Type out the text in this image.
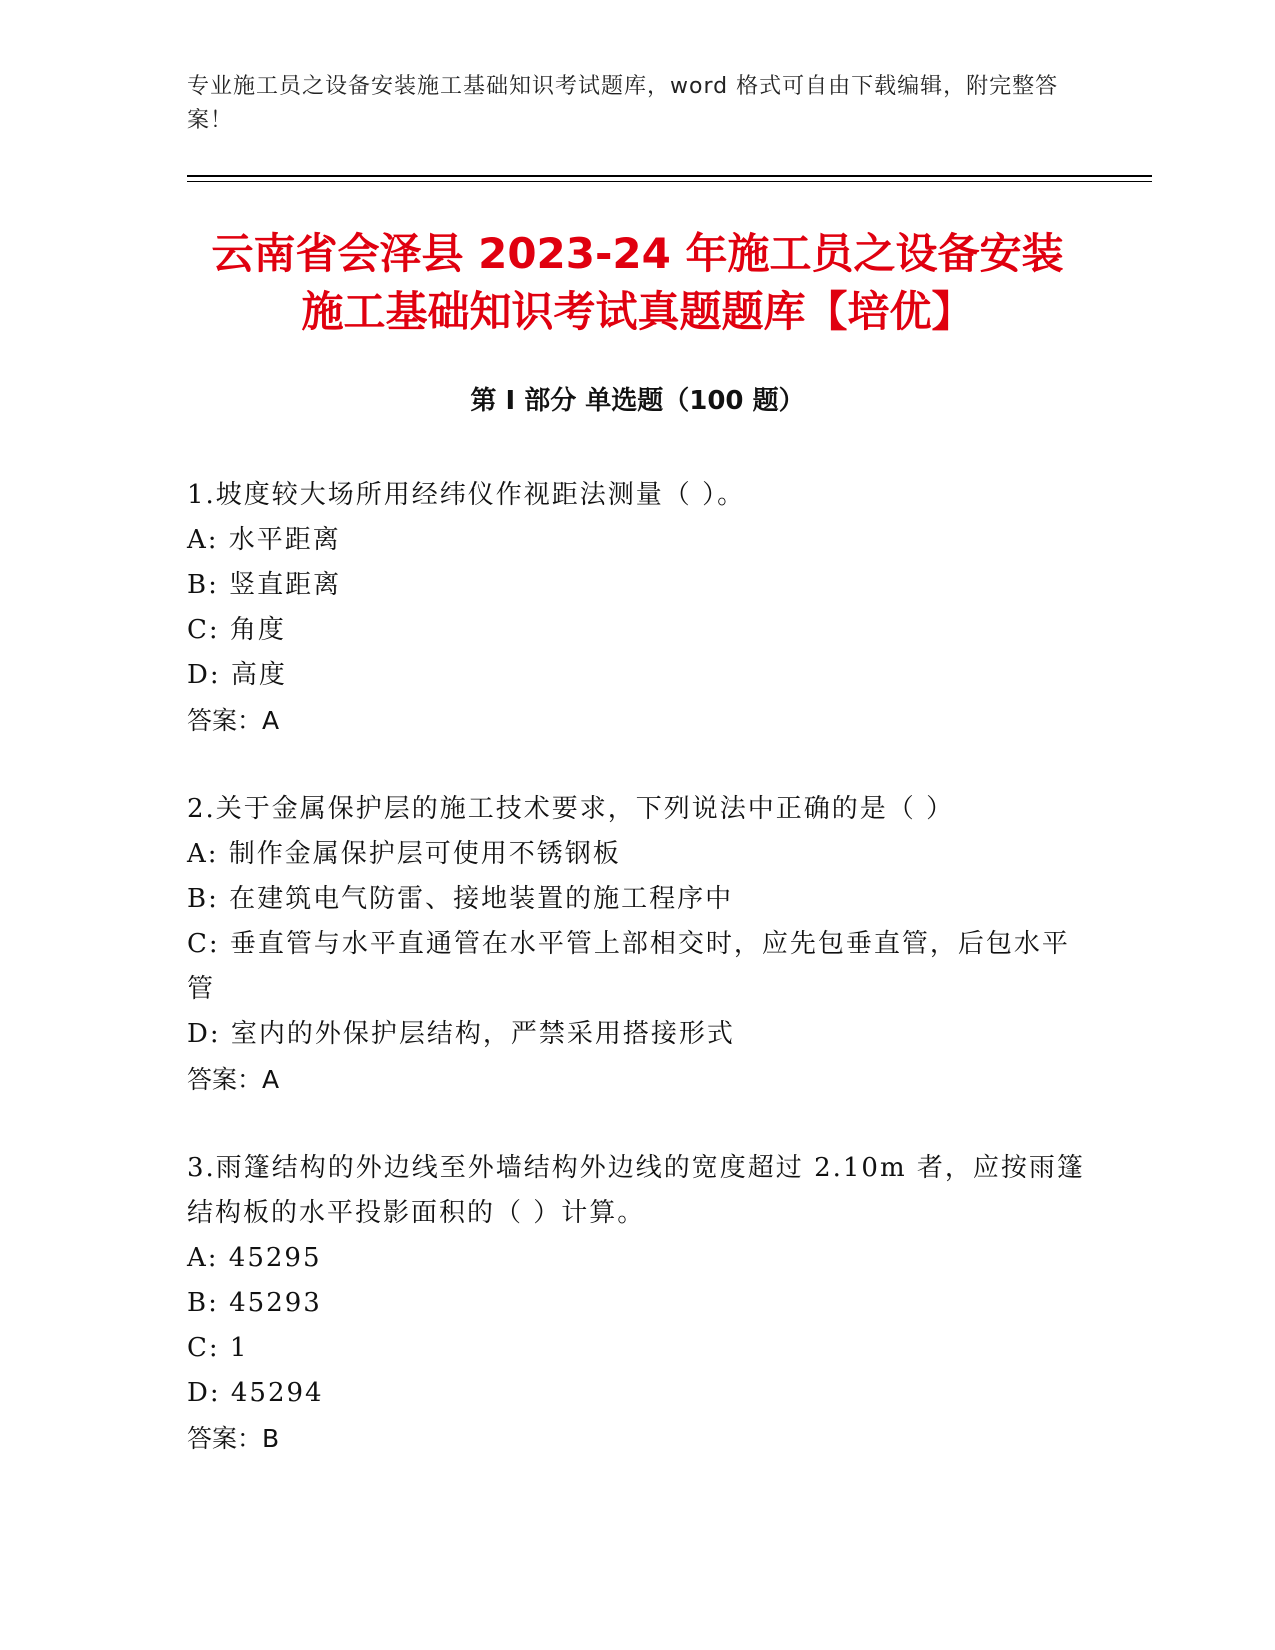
专业施工员之设备安装施工基础知识考试题库，word 格式可自由下载编辑，附完整答案！
云南省会泽县 2023-24 年施工员之设备安装
施工基础知识考试真题题库【培优】
第 I 部分 单选题（100 题）
1.坡度较大场所用经纬仪作视距法测量（ ）。
A: 水平距离
B: 竖直距离
C: 角度
D: 高度
答案：A
2.关于金属保护层的施工技术要求，下列说法中正确的是（ ）
A: 制作金属保护层可使用不锈钢板
B: 在建筑电气防雷、接地装置的施工程序中
C: 垂直管与水平直通管在水平管上部相交时，应先包垂直管，后包水平管
D: 室内的外保护层结构，严禁采用搭接形式
答案：A
3.雨篷结构的外边线至外墙结构外边线的宽度超过 2.10m 者，应按雨篷结构板的水平投影面积的（ ）计算。
A: 45295
B: 45293
C: 1
D: 45294
答案：B
